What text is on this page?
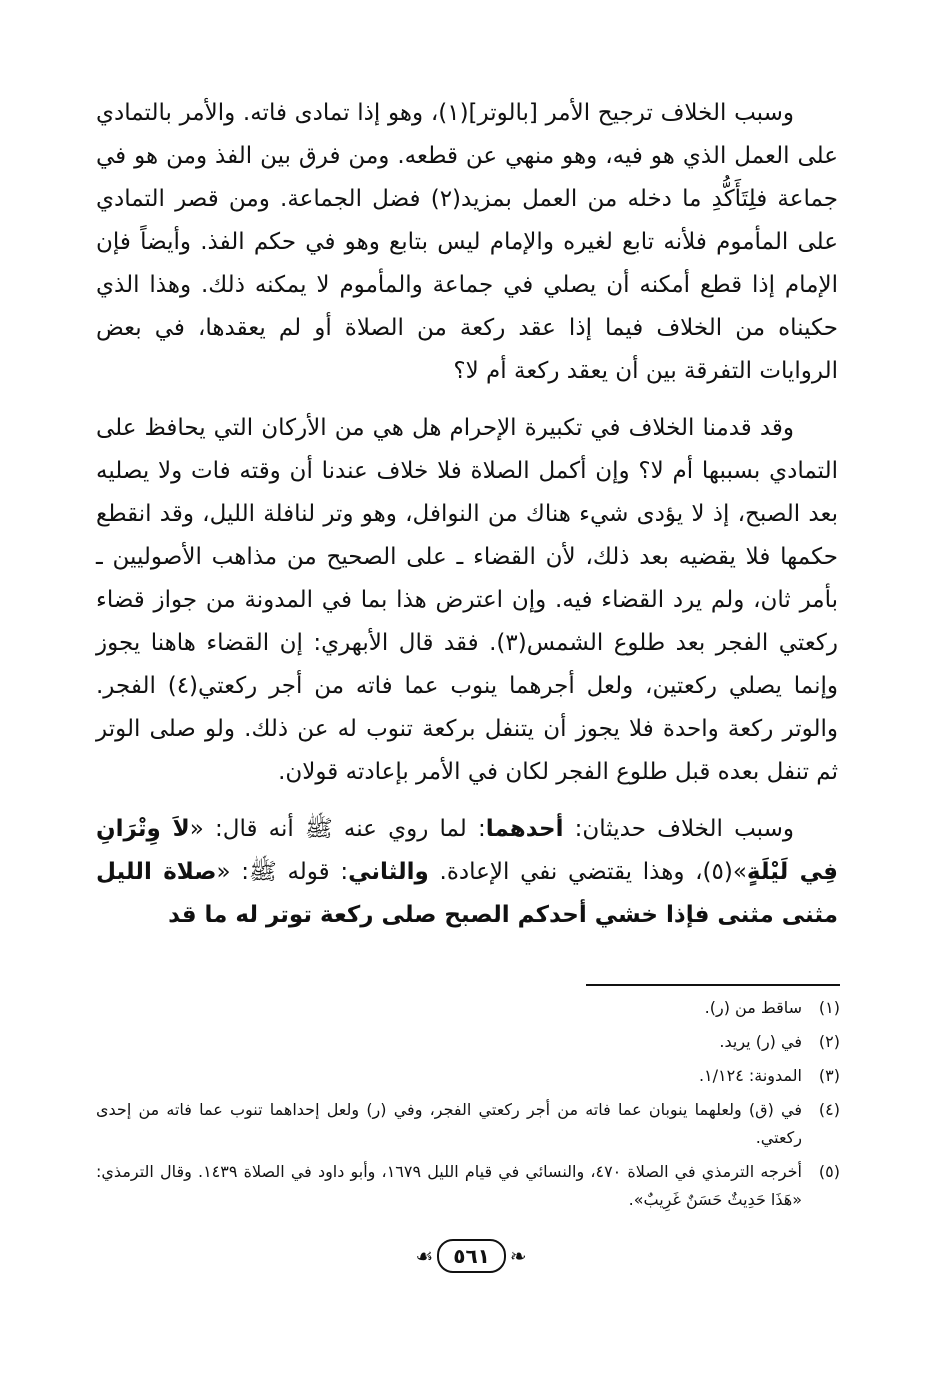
وسبب الخلاف ترجيح الأمر [بالوتر](١)، وهو إذا تمادى فاته. والأمر بالتمادي على العمل الذي هو فيه، وهو منهي عن قطعه. ومن فرق بين الفذ ومن هو في جماعة فلِتَأَكُّدِ ما دخله من العمل بمزيد(٢) فضل الجماعة. ومن قصر التمادي على المأموم فلأنه تابع لغيره والإمام ليس بتابع وهو في حكم الفذ. وأيضاً فإن الإمام إذا قطع أمكنه أن يصلي في جماعة والمأموم لا يمكنه ذلك. وهذا الذي حكيناه من الخلاف فيما إذا عقد ركعة من الصلاة أو لم يعقدها، في بعض الروايات التفرقة بين أن يعقد ركعة أم لا؟

وقد قدمنا الخلاف في تكبيرة الإحرام هل هي من الأركان التي يحافظ على التمادي بسببها أم لا؟ وإن أكمل الصلاة فلا خلاف عندنا أن وقته فات ولا يصليه بعد الصبح، إذ لا يؤدى شيء هناك من النوافل، وهو وتر لنافلة الليل، وقد انقطع حكمها فلا يقضيه بعد ذلك، لأن القضاء ـ على الصحيح من مذاهب الأصوليين ـ بأمر ثان، ولم يرد القضاء فيه. وإن اعترض هذا بما في المدونة من جواز قضاء ركعتي الفجر بعد طلوع الشمس(٣). فقد قال الأبهري: إن القضاء هاهنا يجوز وإنما يصلي ركعتين، ولعل أجرهما ينوب عما فاته من أجر ركعتي(٤) الفجر. والوتر ركعة واحدة فلا يجوز أن يتنفل بركعة تنوب له عن ذلك. ولو صلى الوتر ثم تنفل بعده قبل طلوع الفجر لكان في الأمر بإعادته قولان.

وسبب الخلاف حديثان: أحدهما: لما روي عنه ﷺ أنه قال: «لاَ وِتْرَانِ فِي لَيْلَةٍ»(٥)، وهذا يقتضي نفي الإعادة. والثاني: قوله ﷺ: «صلاة الليل مثنى مثنى فإذا خشي أحدكم الصبح صلى ركعة توتر له ما قد

(١)
ساقط من (ر).
(٢)
في (ر) يريد.
(٣)
المدونة: ١/١٢٤.
(٤)
في (ق) ولعلهما ينوبان عما فاته من أجر ركعتي الفجر، وفي (ر) ولعل إحداهما تنوب عما فاته من إحدى ركعتي.
(٥)
أخرجه الترمذي في الصلاة ٤٧٠، والنسائي في قيام الليل ١٦٧٩، وأبو داود في الصلاة ١٤٣٩. وقال الترمذي: «هَذَا حَدِيثٌ حَسَنٌ غَرِيبٌ».
☙	٥٦١	❧
